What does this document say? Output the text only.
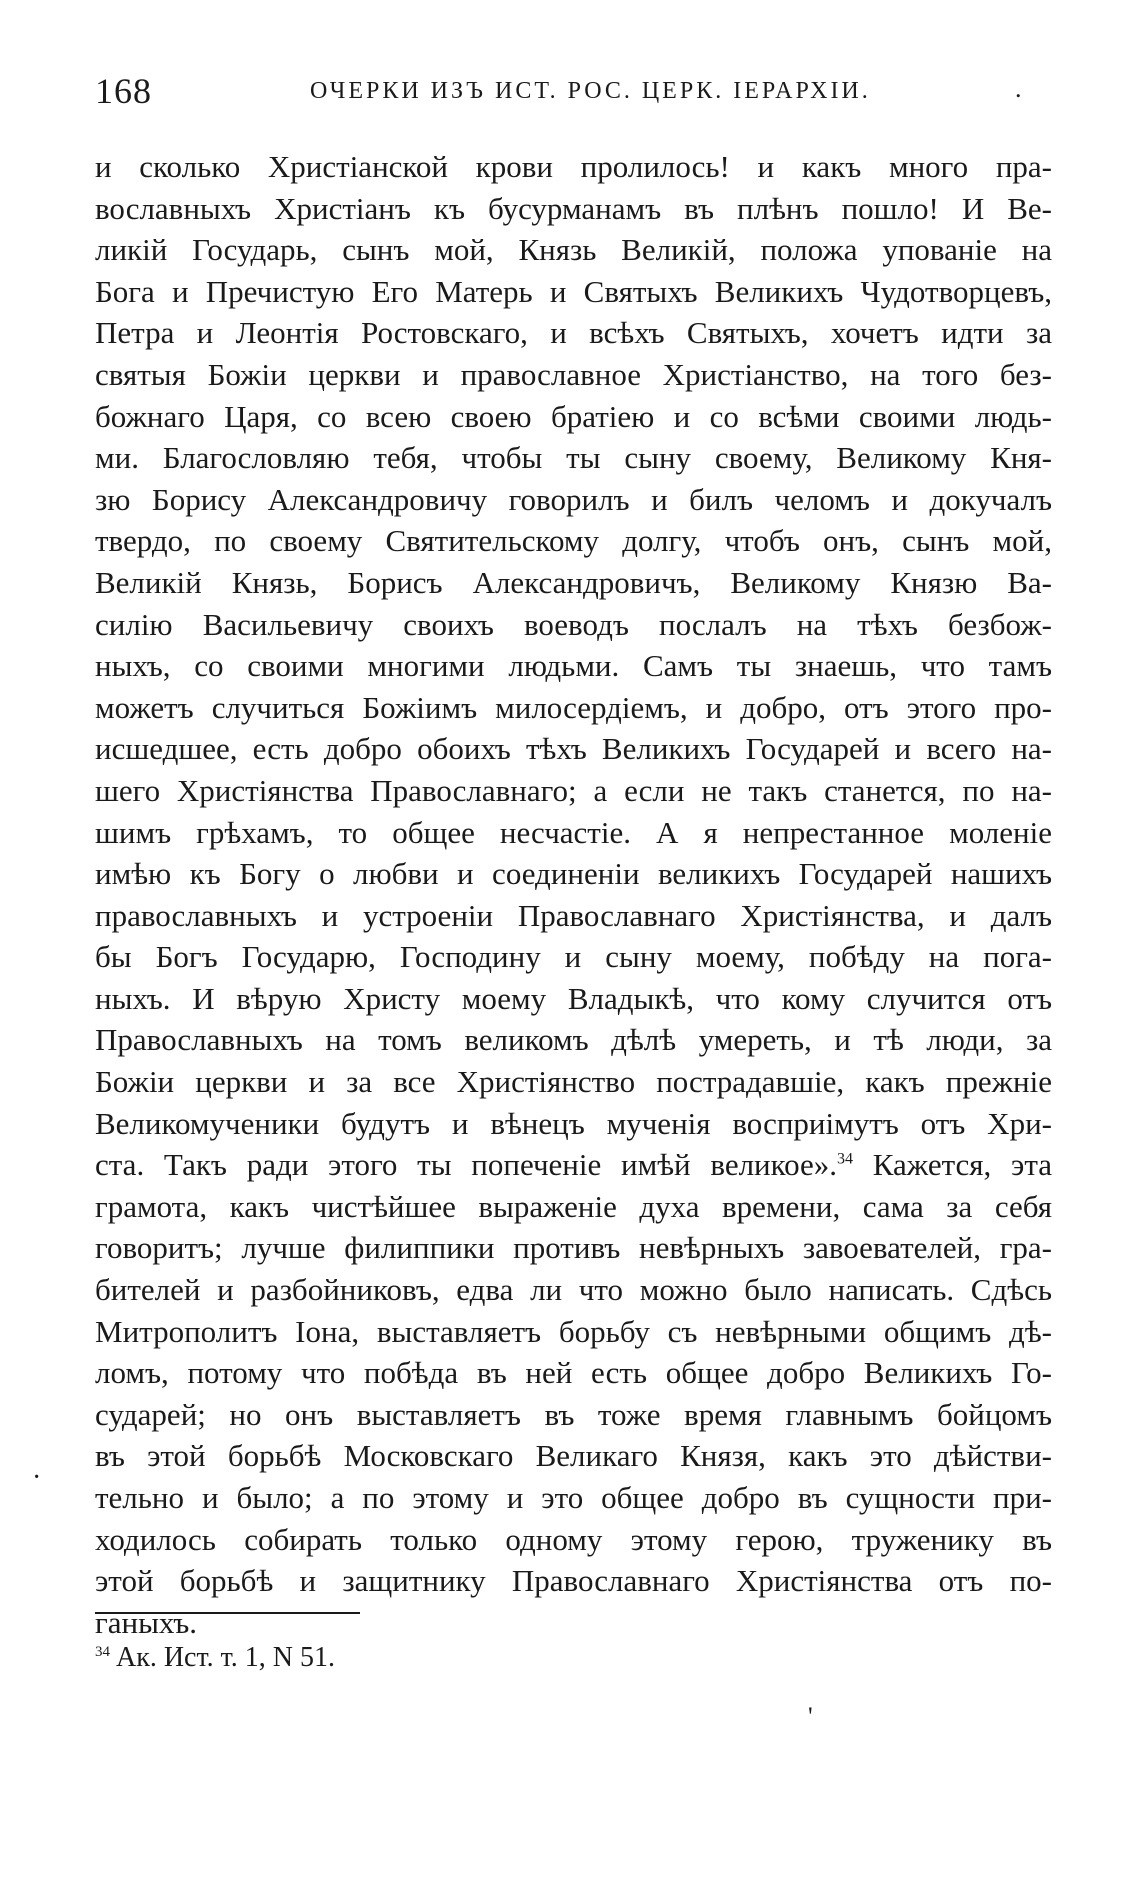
168	ОЧЕРКИ ИЗЪ ИСТ. РОС. ЦЕРК. ІЕРАРХІИ.	.
и сколько Христіанской крови пролилось! и какъ много пра-
вославныхъ Христіанъ къ бусурманамъ въ плѣнъ пошло! И Ве-
ликій Государь, сынъ мой, Князь Великій, положа упованіе на
Бога и Пречистую Его Матерь и Святыхъ Великихъ Чудотворцевъ,
Петра и Леонтія Ростовскаго, и всѣхъ Святыхъ, хочетъ идти за
святыя Божіи церкви и православное Христіанство, на того без-
божнаго Царя, со всею своею братіею и со всѣми своими людь-
ми. Благословляю тебя, чтобы ты сыну своему, Великому Кня-
зю Борису Александровичу говорилъ и билъ челомъ и докучалъ
твердо, по своему Святительскому долгу, чтобъ онъ, сынъ мой,
Великій Князь, Борисъ Александровичъ, Великому Князю Ва-
силію Васильевичу своихъ воеводъ послалъ на тѣхъ безбож-
ныхъ, со своими многими людьми. Самъ ты знаешь, что тамъ
можетъ случиться Божіимъ милосердіемъ, и добро, отъ этого про-
исшедшее, есть добро обоихъ тѣхъ Великихъ Государей и всего на-
шего Христіянства Православнаго; а если не такъ станется, по на-
шимъ грѣхамъ, то общее несчастіе. А я непрестанное моленіе
имѣю къ Богу о любви и соединеніи великихъ Государей нашихъ
православныхъ и устроеніи Православнаго Христіянства, и далъ
бы Богъ Государю, Господину и сыну моему, побѣду на пога-
ныхъ. И вѣрую Христу моему Владыкѣ, что кому случится отъ
Православныхъ на томъ великомъ дѣлѣ умереть, и тѣ люди, за
Божіи церкви и за все Христіянство пострадавшіе, какъ прежніе
Великомученики будутъ и вѣнецъ мученія восприімутъ отъ Хри-
ста. Такъ ради этого ты попеченіе имѣй великое».$^{34}$ Кажется, эта
грамота, какъ чистѣйшее выраженіе духа времени, сама за себя
говоритъ; лучше филиппики противъ невѣрныхъ завоевателей, гра-
бителей и разбойниковъ, едва ли что можно было написать. Сдѣсь
Митрополитъ Іона, выставляетъ борьбу съ невѣрными общимъ дѣ-
ломъ, потому что побѣда въ ней есть общее добро Великихъ Го-
сударей; но онъ выставляетъ въ тоже время главнымъ бойцомъ
въ этой борьбѣ Московскаго Великаго Князя, какъ это дѣйстви-
тельно и было; а по этому и это общее добро въ сущности при-
ходилось собирать только одному этому герою, труженику въ
этой борьбѣ и защитнику Православнаго Христіянства отъ по-
ганыхъ.
$^{34}$ Ак. Ист. т. 1, N 51.
·
'
